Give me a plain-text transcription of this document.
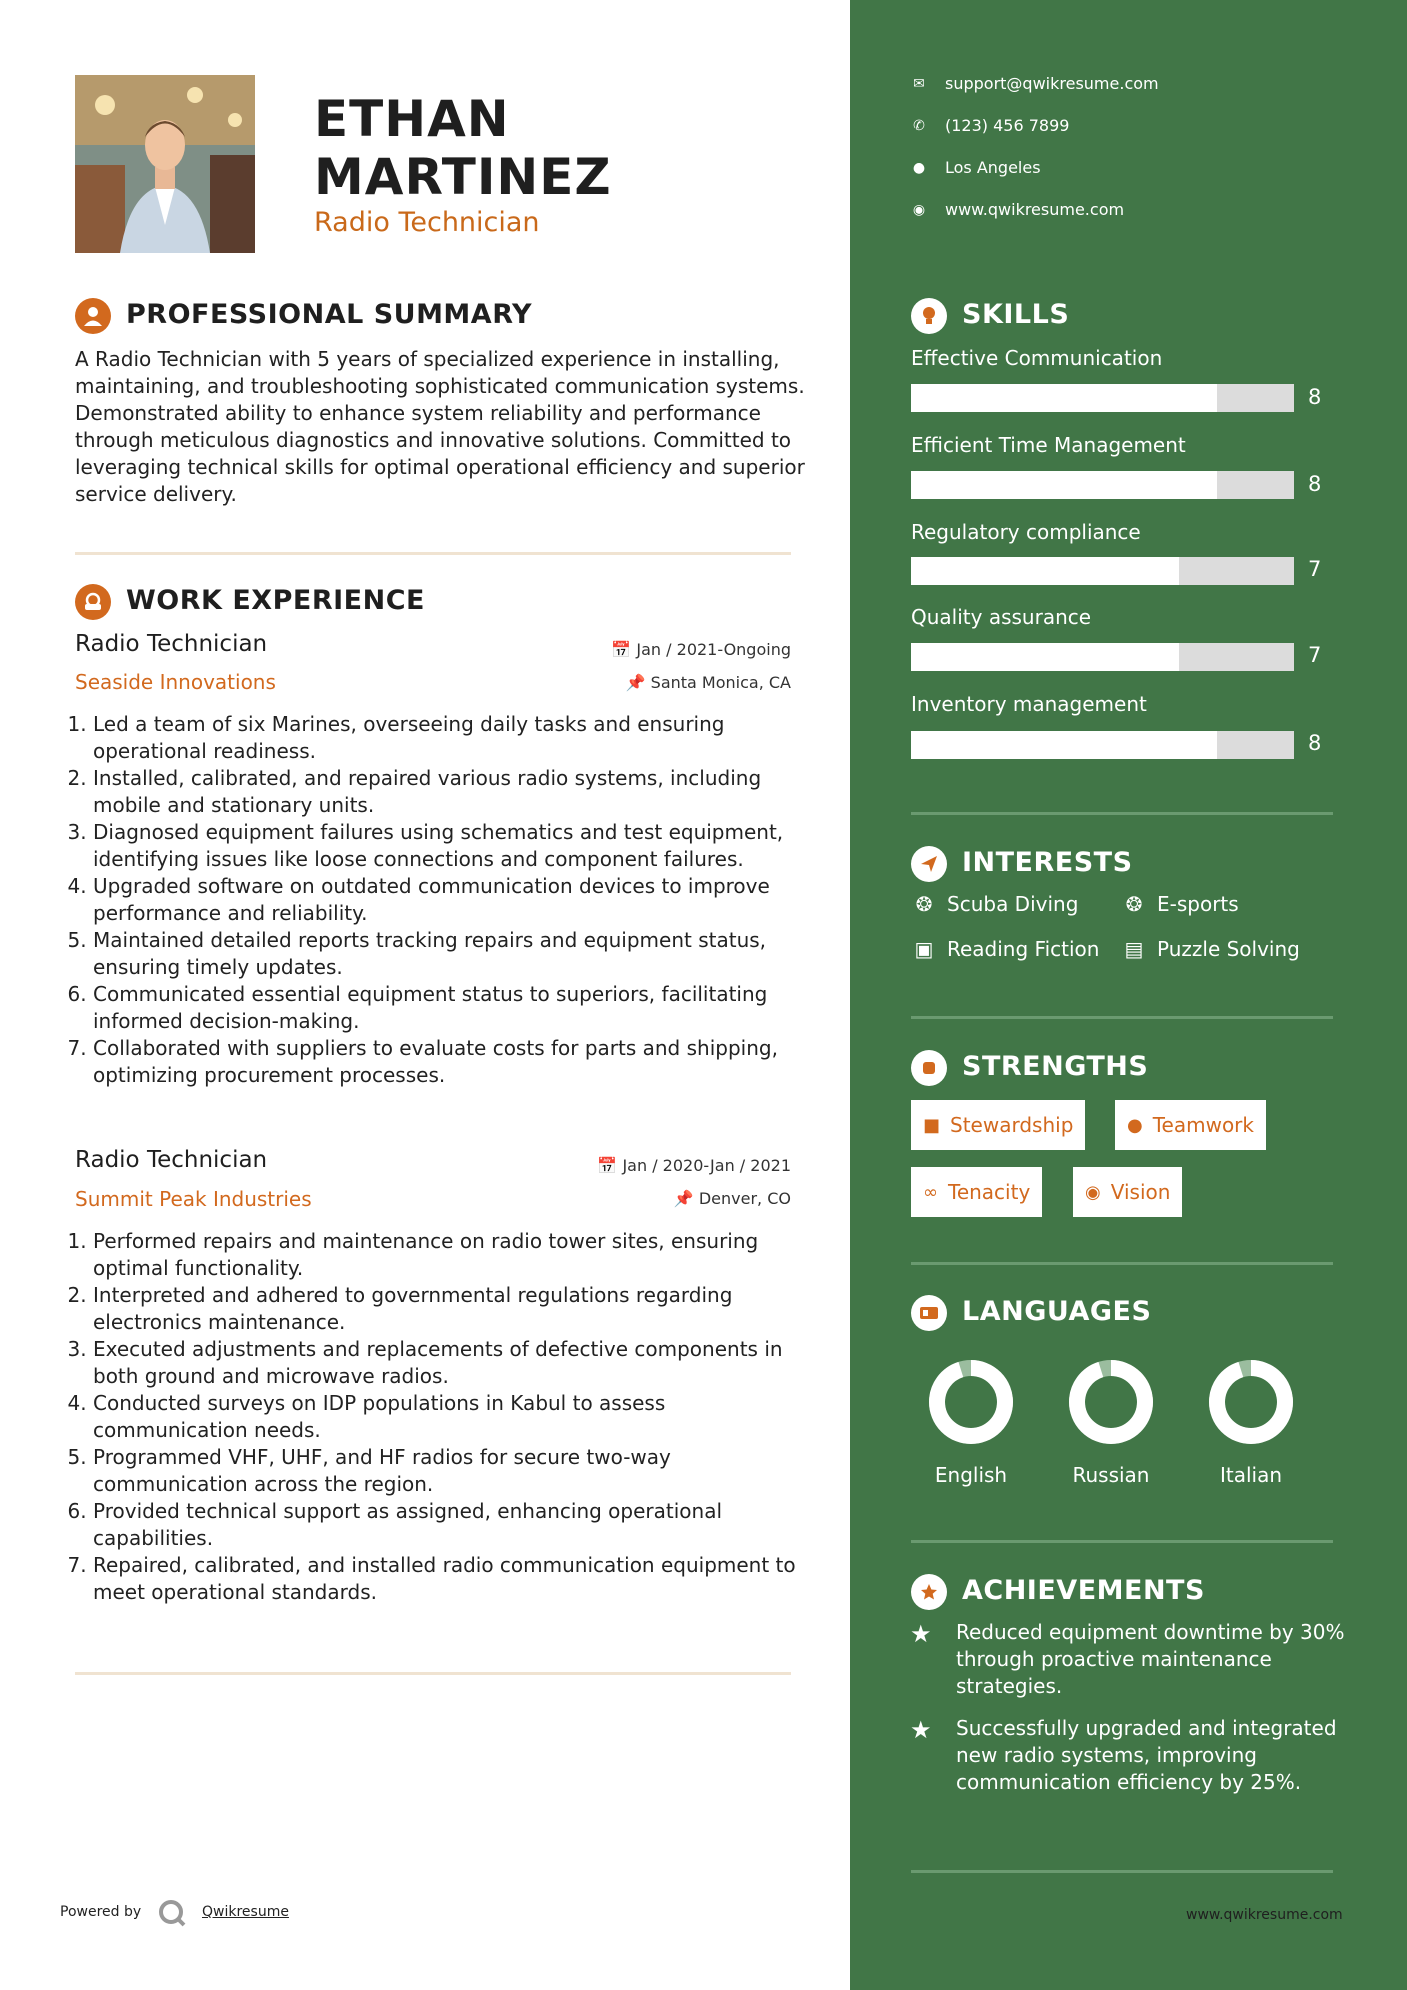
ETHAN
MARTINEZ
Radio Technician
PROFESSIONAL SUMMARY
A Radio Technician with 5 years of specialized experience in installing, maintaining, and troubleshooting sophisticated communication systems. Demonstrated ability to enhance system reliability and performance through meticulous diagnostics and innovative solutions. Committed to leveraging technical skills for optimal operational efficiency and superior service delivery.
WORK EXPERIENCE
Radio Technician	📅 Jan / 2021-Ongoing
Seaside Innovations	📌 Santa Monica, CA
1. Led a team of six Marines, overseeing daily tasks and ensuring operational readiness.
2. Installed, calibrated, and repaired various radio systems, including mobile and stationary units.
3. Diagnosed equipment failures using schematics and test equipment, identifying issues like loose connections and component failures.
4. Upgraded software on outdated communication devices to improve performance and reliability.
5. Maintained detailed reports tracking repairs and equipment status, ensuring timely updates.
6. Communicated essential equipment status to superiors, facilitating informed decision-making.
7. Collaborated with suppliers to evaluate costs for parts and shipping, optimizing procurement processes.
Radio Technician	📅 Jan / 2020-Jan / 2021
Summit Peak Industries	📌 Denver, CO
1. Performed repairs and maintenance on radio tower sites, ensuring optimal functionality.
2. Interpreted and adhered to governmental regulations regarding electronics maintenance.
3. Executed adjustments and replacements of defective components in both ground and microwave radios.
4. Conducted surveys on IDP populations in Kabul to assess communication needs.
5. Programmed VHF, UHF, and HF radios for secure two-way communication across the region.
6. Provided technical support as assigned, enhancing operational capabilities.
7. Repaired, calibrated, and installed radio communication equipment to meet operational standards.
Powered by	Qwikresume
✉ support@qwikresume.com
✆ (123) 456 7899
● Los Angeles
◉ www.qwikresume.com
SKILLS
Effective Communication
8
Efficient Time Management
8
Regulatory compliance
7
Quality assurance
7
Inventory management
8
INTERESTS
❂ Scuba Diving ❂ E-sports
▣ Reading Fiction ▤ Puzzle Solving
STRENGTHS
■ Stewardship	● Teamwork
∞ Tenacity	◉ Vision
LANGUAGES
English	Russian	Italian
ACHIEVEMENTS
★ Reduced equipment downtime by 30% through proactive maintenance strategies.
★ Successfully upgraded and integrated new radio systems, improving communication efficiency by 25%.
www.qwikresume.com
